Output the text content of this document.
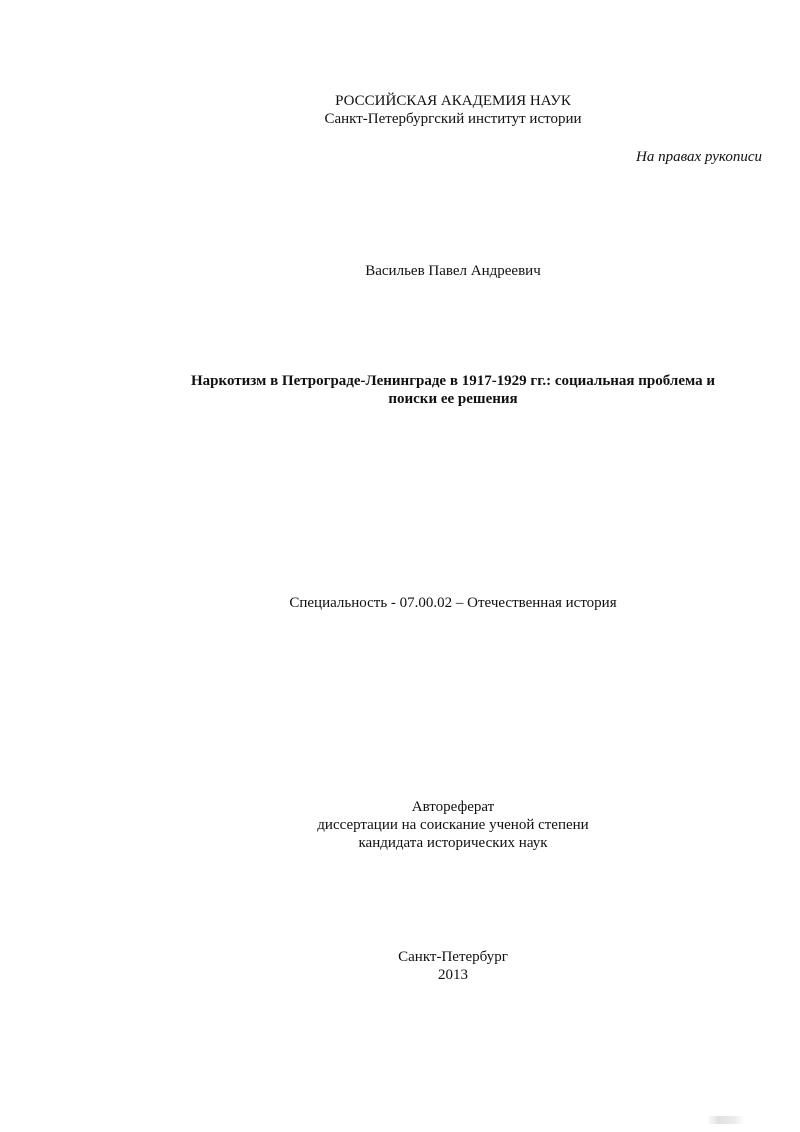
РОССИЙСКАЯ АКАДЕМИЯ НАУК
Санкт-Петербургский институт истории
На правах рукописи
Васильев Павел Андреевич
Наркотизм в Петрограде-Ленинграде в 1917-1929 гг.: социальная проблема и
поиски ее решения
Специальность - 07.00.02 – Отечественная история
Автореферат
диссертации на соискание ученой степени
кандидата исторических наук
Санкт-Петербург
2013
